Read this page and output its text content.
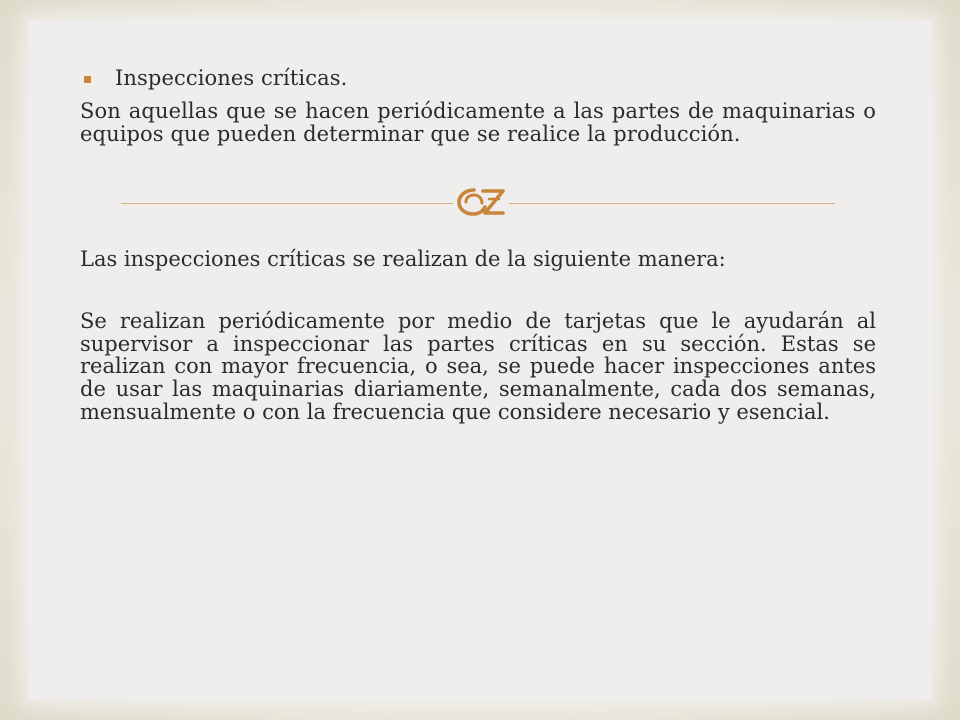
Inspecciones críticas.

Son aquellas que se hacen periódicamente a las partes de maquinarias o equipos que pueden determinar que se realice la producción.

Las inspecciones críticas se realizan de la siguiente manera:

Se realizan periódicamente por medio de tarjetas que le ayudarán al supervisor a inspeccionar las partes críticas en su sección. Estas se realizan con mayor frecuencia, o sea, se puede hacer inspecciones antes de usar las maquinarias diariamente, semanalmente, cada dos semanas, mensualmente o con la frecuencia que considere necesario y esencial.
